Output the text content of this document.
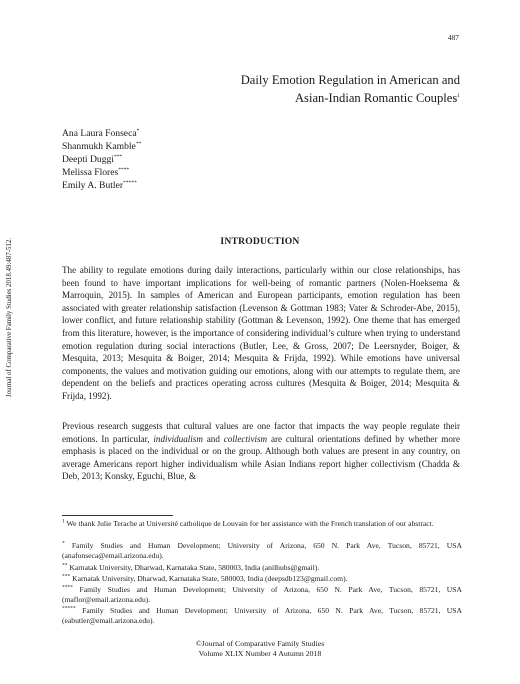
487
Daily Emotion Regulation in American and
Asian-Indian Romantic Couples$^1$
Ana Laura Fonseca*
Shanmukh Kamble**
Deepti Duggi***
Melissa Flores****
Emily A. Butler*****
Journal of Comparative Family Studies 2018.49:487-512.	INTRODUCTION

The ability to regulate emotions during daily interactions, particularly within our close relationships, has been found to have important implications for well-being of romantic partners (Nolen-Hoeksema & Marroquin, 2015). In samples of American and European participants, emotion regulation has been associated with greater relationship satisfaction (Levenson & Gottman 1983; Vater & Schroder-Abe, 2015), lower conflict, and future relationship stability (Gottman & Levenson, 1992). One theme that has emerged from this literature, however, is the importance of considering individual’s culture when trying to understand emotion regulation during social interactions (Butler, Lee, & Gross, 2007; De Leersnyder, Boiger, & Mesquita, 2013; Mesquita & Boiger, 2014; Mesquita & Frijda, 1992). While emotions have universal components, the values and motivation guiding our emotions, along with our attempts to regulate them, are dependent on the beliefs and practices operating across cultures (Mesquita & Boiger, 2014; Mesquita & Frijda, 1992).

Previous research suggests that cultural values are one factor that impacts the way people regulate their emotions. In particular, individualism and collectivism are cultural orientations defined by whether more emphasis is placed on the individual or on the group. Although both values are present in any country, on average Americans report higher individualism while Asian Indians report higher collectivism (Chadda & Deb, 2013; Konsky, Eguchi, Blue, &

$^1$ We thank Julie Terache at Université catholique de Louvain for her assistance with the French translation of our abstract.
* Family Studies and Human Development; University of Arizona, 650 N. Park Ave, Tucson, 85721, USA (anafonseca@email.arizona.edu).
** Karnatak University, Dharwad, Karnataka State, 580003, India (anilhubs@gmail).
*** Karnatak University, Dharwad, Karnataka State, 580003, India (deepsdb123@gmail.com).
**** Family Studies and Human Development; University of Arizona, 650 N. Park Ave, Tucson, 85721, USA (maflor@email.arizona.edu).
***** Family Studies and Human Development; University of Arizona, 650 N. Park Ave, Tucson, 85721, USA (eabutler@email.arizona.edu).
©Journal of Comparative Family Studies
Volume XLIX Number 4 Autumn 2018
